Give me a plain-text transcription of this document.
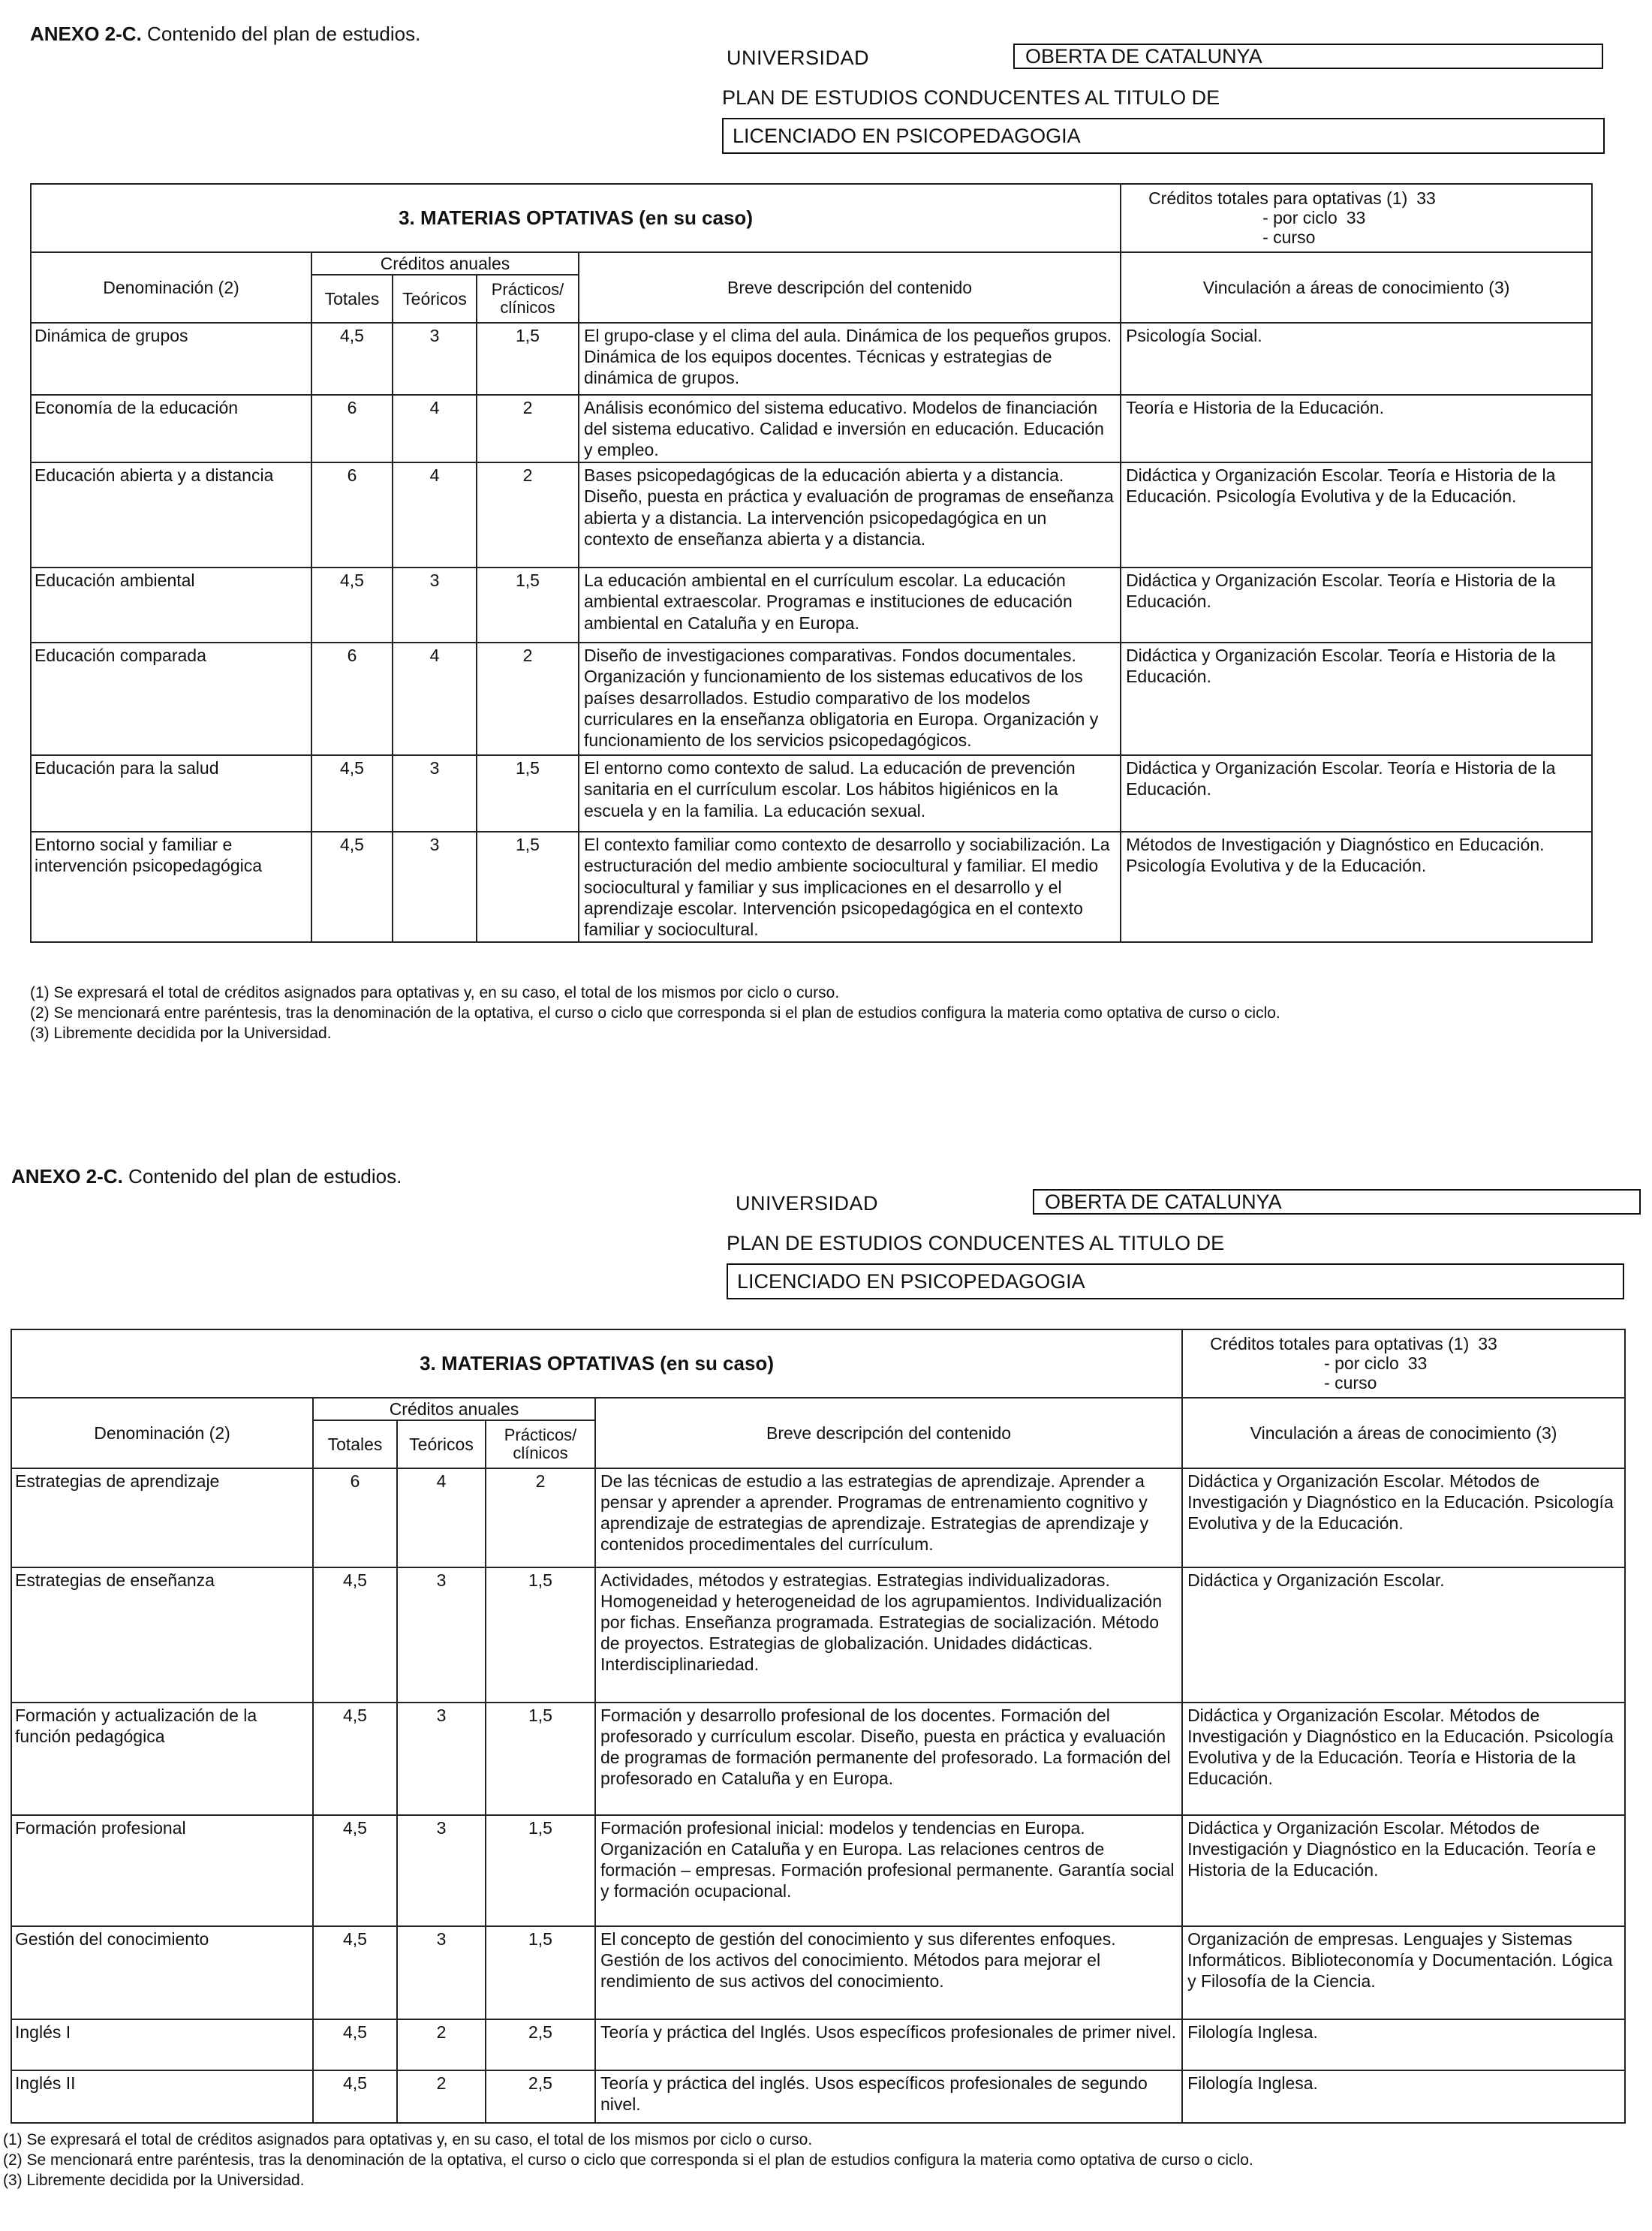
ANEXO 2-C. Contenido del plan de estudios.
UNIVERSIDAD	OBERTA DE CATALUNYA
PLAN DE ESTUDIOS CONDUCENTES AL TITULO DE
LICENCIADO EN PSICOPEDAGOGIA
3. MATERIAS OPTATIVAS (en su caso)					Créditos totales para optativas (1) 33
- por ciclo 33
- curso

Denominación (2)	Créditos anuales			Breve descripción del contenido	Vinculación a áreas de conocimiento (3)
	Totales	Teóricos	Prácticos/ clínicos		
Dinámica de grupos	4,5	3	1,5	El grupo-clase y el clima del aula. Dinámica de los pequeños grupos. Dinámica de los equipos docentes. Técnicas y estrategias de dinámica de grupos.	Psicología Social.
Economía de la educación	6	4	2	Análisis económico del sistema educativo. Modelos de financiación del sistema educativo. Calidad e inversión en educación. Educación y empleo.	Teoría e Historia de la Educación.
Educación abierta y a distancia	6	4	2	Bases psicopedagógicas de la educación abierta y a distancia. Diseño, puesta en práctica y evaluación de programas de enseñanza abierta y a distancia. La intervención psicopedagógica en un contexto de enseñanza abierta y a distancia.	Didáctica y Organización Escolar. Teoría e Historia de la Educación. Psicología Evolutiva y de la Educación.
Educación ambiental	4,5	3	1,5	La educación ambiental en el currículum escolar. La educación ambiental extraescolar. Programas e instituciones de educación ambiental en Cataluña y en Europa.	Didáctica y Organización Escolar. Teoría e Historia de la Educación.
Educación comparada	6	4	2	Diseño de investigaciones comparativas. Fondos documentales. Organización y funcionamiento de los sistemas educativos de los países desarrollados. Estudio comparativo de los modelos curriculares en la enseñanza obligatoria en Europa. Organización y funcionamiento de los servicios psicopedagógicos.	Didáctica y Organización Escolar. Teoría e Historia de la Educación.
Educación para la salud	4,5	3	1,5	El entorno como contexto de salud. La educación de prevención sanitaria en el currículum escolar. Los hábitos higiénicos en la escuela y en la familia. La educación sexual.	Didáctica y Organización Escolar. Teoría e Historia de la Educación.
Entorno social y familiar e intervención psicopedagógica	4,5	3	1,5	El contexto familiar como contexto de desarrollo y sociabilización. La estructuración del medio ambiente sociocultural y familiar. El medio sociocultural y familiar y sus implicaciones en el desarrollo y el aprendizaje escolar. Intervención psicopedagógica en el contexto familiar y sociocultural.	Métodos de Investigación y Diagnóstico en Educación. Psicología Evolutiva y de la Educación.
(1) Se expresará el total de créditos asignados para optativas y, en su caso, el total de los mismos por ciclo o curso.
(2) Se mencionará entre paréntesis, tras la denominación de la optativa, el curso o ciclo que corresponda si el plan de estudios configura la materia como optativa de curso o ciclo.
(3) Libremente decidida por la Universidad.
ANEXO 2-C. Contenido del plan de estudios.
UNIVERSIDAD	OBERTA DE CATALUNYA
PLAN DE ESTUDIOS CONDUCENTES AL TITULO DE
LICENCIADO EN PSICOPEDAGOGIA
3. MATERIAS OPTATIVAS (en su caso)					Créditos totales para optativas (1) 33
- por ciclo 33
- curso

Denominación (2)	Créditos anuales			Breve descripción del contenido	Vinculación a áreas de conocimiento (3)
	Totales	Teóricos	Prácticos/ clínicos		
Estrategias de aprendizaje	6	4	2	De las técnicas de estudio a las estrategias de aprendizaje. Aprender a pensar y aprender a aprender. Programas de entrenamiento cognitivo y aprendizaje de estrategias de aprendizaje. Estrategias de aprendizaje y contenidos procedimentales del currículum.	Didáctica y Organización Escolar. Métodos de Investigación y Diagnóstico en la Educación. Psicología Evolutiva y de la Educación.
Estrategias de enseñanza	4,5	3	1,5	Actividades, métodos y estrategias. Estrategias individualizadoras. Homogeneidad y heterogeneidad de los agrupamientos. Individualización por fichas. Enseñanza programada. Estrategias de socialización. Método de proyectos. Estrategias de globalización. Unidades didácticas. Interdisciplinariedad.	Didáctica y Organización Escolar.
Formación y actualización de la función pedagógica	4,5	3	1,5	Formación y desarrollo profesional de los docentes. Formación del profesorado y currículum escolar. Diseño, puesta en práctica y evaluación de programas de formación permanente del profesorado. La formación del profesorado en Cataluña y en Europa.	Didáctica y Organización Escolar. Métodos de Investigación y Diagnóstico en la Educación. Psicología Evolutiva y de la Educación. Teoría e Historia de la Educación.
Formación profesional	4,5	3	1,5	Formación profesional inicial: modelos y tendencias en Europa. Organización en Cataluña y en Europa. Las relaciones centros de formación – empresas. Formación profesional permanente. Garantía social y formación ocupacional.	Didáctica y Organización Escolar. Métodos de Investigación y Diagnóstico en la Educación. Teoría e Historia de la Educación.
Gestión del conocimiento	4,5	3	1,5	El concepto de gestión del conocimiento y sus diferentes enfoques. Gestión de los activos del conocimiento. Métodos para mejorar el rendimiento de sus activos del conocimiento.	Organización de empresas. Lenguajes y Sistemas Informáticos. Biblioteconomía y Documentación. Lógica y Filosofía de la Ciencia.
Inglés I	4,5	2	2,5	Teoría y práctica del Inglés. Usos específicos profesionales de primer nivel.	Filología Inglesa.
Inglés II	4,5	2	2,5	Teoría y práctica del inglés. Usos específicos profesionales de segundo nivel.	Filología Inglesa.
(1) Se expresará el total de créditos asignados para optativas y, en su caso, el total de los mismos por ciclo o curso.
(2) Se mencionará entre paréntesis, tras la denominación de la optativa, el curso o ciclo que corresponda si el plan de estudios configura la materia como optativa de curso o ciclo.
(3) Libremente decidida por la Universidad.
